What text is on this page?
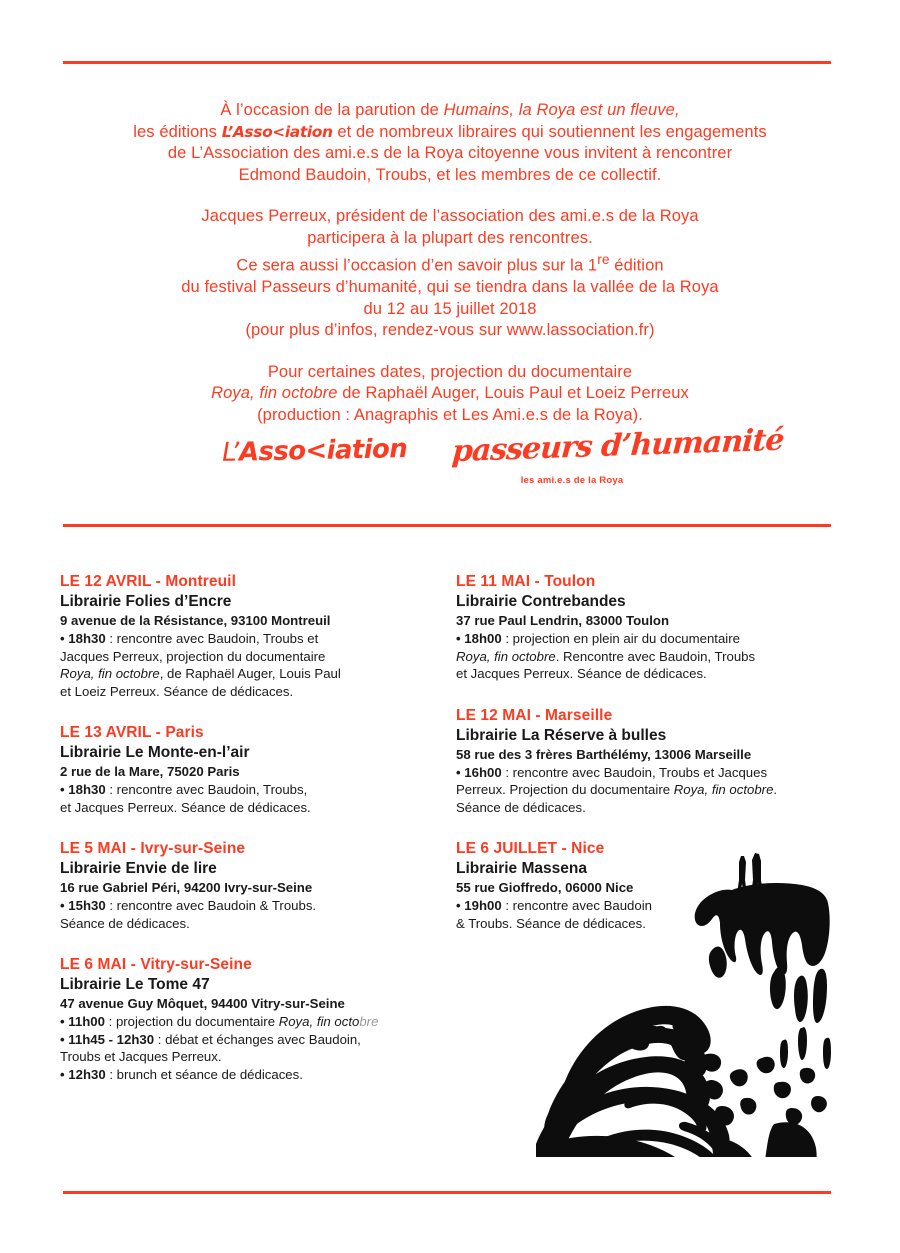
À l’occasion de la parution de Humains, la Roya est un fleuve,

les éditions L’Asso<iation et de nombreux libraires qui soutiennent les engagements

de L’Association des ami.e.s de la Roya citoyenne vous invitent à rencontrer

Edmond Baudoin, Troubs, et les membres de ce collectif.

Jacques Perreux, président de l’association des ami.e.s de la Roya

participera à la plupart des rencontres.

Ce sera aussi l’occasion d’en savoir plus sur la 1re édition

du festival Passeurs d’humanité, qui se tiendra dans la vallée de la Roya

du 12 au 15 juillet 2018

(pour plus d’infos, rendez-vous sur www.lassociation.fr)

Pour certaines dates, projection du documentaire

Roya, fin octobre de Raphaël Auger, Louis Paul et Loeiz Perreux

(production : Anagraphis et Les Ami.e.s de la Roya).

L’Asso<iation passeurs d’humanité
les ami.e.s de la Roya
LE 12 AVRIL - Montreuil
Librairie Folies d’Encre
9 avenue de la Résistance, 93100 Montreuil
• 18h30 : rencontre avec Baudoin, Troubs et
Jacques Perreux, projection du documentaire
Roya, fin octobre, de Raphaël Auger, Louis Paul
et Loeiz Perreux. Séance de dédicaces.
LE 13 AVRIL - Paris
Librairie Le Monte-en-l’air
2 rue de la Mare, 75020 Paris
• 18h30 : rencontre avec Baudoin, Troubs,
et Jacques Perreux. Séance de dédicaces.
LE 5 MAI - Ivry-sur-Seine
Librairie Envie de lire
16 rue Gabriel Péri, 94200 Ivry-sur-Seine
• 15h30 : rencontre avec Baudoin & Troubs.
Séance de dédicaces.
LE 6 MAI - Vitry-sur-Seine
Librairie Le Tome 47
47 avenue Guy Môquet, 94400 Vitry-sur-Seine
• 11h00 : projection du documentaire Roya, fin octobre
• 11h45 - 12h30 : débat et échanges avec Baudoin,
Troubs et Jacques Perreux.
• 12h30 : brunch et séance de dédicaces.
LE 11 MAI - Toulon
Librairie Contrebandes
37 rue Paul Lendrin, 83000 Toulon
• 18h00 : projection en plein air du documentaire
Roya, fin octobre. Rencontre avec Baudoin, Troubs
et Jacques Perreux. Séance de dédicaces.
LE 12 MAI - Marseille
Librairie La Réserve à bulles
58 rue des 3 frères Barthélémy, 13006 Marseille
• 16h00 : rencontre avec Baudoin, Troubs et Jacques
Perreux. Projection du documentaire Roya, fin octobre.
Séance de dédicaces.
LE 6 JUILLET - Nice
Librairie Massena
55 rue Gioffredo, 06000 Nice
• 19h00 : rencontre avec Baudoin
& Troubs. Séance de dédicaces.
